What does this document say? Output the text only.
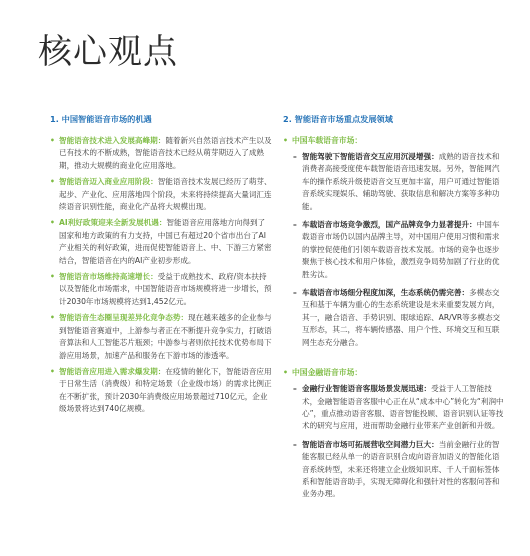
核心观点
1. 中国智能语音市场的机遇
• 智能语音技术进入发展高峰期：随着新兴自然语言技术产生以及已有技术的不断成熟，智能语音技术已经从萌芽期迈入了成熟期，推动大规模的商业化应用落地。
• 智能语音迈入商业应用阶段：智能语音技术发展已经历了萌芽、起步、产业化、应用落地四个阶段，未来将持续提高大量词汇连续语音识别性能，商业化产品将大规模出现。
• AI利好政策迎来全新发展机遇：智能语音应用落地方向得到了国家和地方政策的有力支持，中国已有超过20个省市出台了AI产业相关的利好政策，进而促使智能语音上、中、下游三方紧密结合，智能语音在内的AI产业初步形成。
• 智能语音市场维持高速增长：受益于成熟技术、政府/资本扶持以及智能化市场需求，中国智能语音市场规模将进一步增长，预计2030年市场规模将达到1,452亿元。
• 智能语音生态圈呈现差异化竞争态势：现在越来越多的企业参与到智能语音赛道中，上游参与者正在不断提升竞争实力，打破语音算法和人工智能芯片瓶颈；中游参与者则依托技术优势布局下游应用场景，加速产品和服务在下游市场的渗透率。
• 智能语音应用进入需求爆发期：在疫情的催化下，智能语音应用于日常生活（消费级）和特定场景（企业级市场）的需求比例正在不断扩张，预计2030年消费级应用场景超过710亿元，企业级场景将达到740亿规模。
2. 智能语音市场重点发展领域
• 中国车载语音市场：
– 智能驾驶下智能语音交互应用沉浸增强：成熟的语音技术和消费者高接受度使车载智能语音迅速发展。另外，智能网汽车的操作系统升级使语音交互更加丰富，用户可通过智能语音系统实现娱乐、辅助驾驶、获取信息和解决方案等多种功能。
– 车载语音市场竞争激烈，国产品牌竞争力显著提升：中国车载语音市场仍以国内品牌主导，对中国用户使用习惯和需求的掌控促使他们引领车载语音技术发展。市场的竞争也逐步聚焦于核心技术和用户体验，激烈竞争局势加剧了行业的优胜劣汰。
– 车载语音市场细分程度加深，生态系统仍需完善：多模态交互和基于车辆为重心的生态系统建设是未来重要发展方向，其一，融合语音、手势识别、眼球追踪、AR/VR等多模态交互形态，其二，将车辆传感器、用户个性、环境交互和互联网生态充分融合。
• 中国金融语音市场：
– 金融行业智能语音客服场景发展迅速：受益于人工智能技术，金融智能语音客服中心正在从“成本中心”转化为“利润中心”，重点推动语音客服、语音智能投顾、语音识别认证等技术的研究与应用，进而帮助金融行业带来产业创新和升级。
– 智能语音市场可拓展营收空间潜力巨大：当前金融行业的智能客服已经从单一的语音识别合成向语音加语义的智能化语音系统转型，未来还将建立企业级知识库、千人千面标签体系和智能语音助手，实现无障碍化和强针对性的客服问答和业务办理。
